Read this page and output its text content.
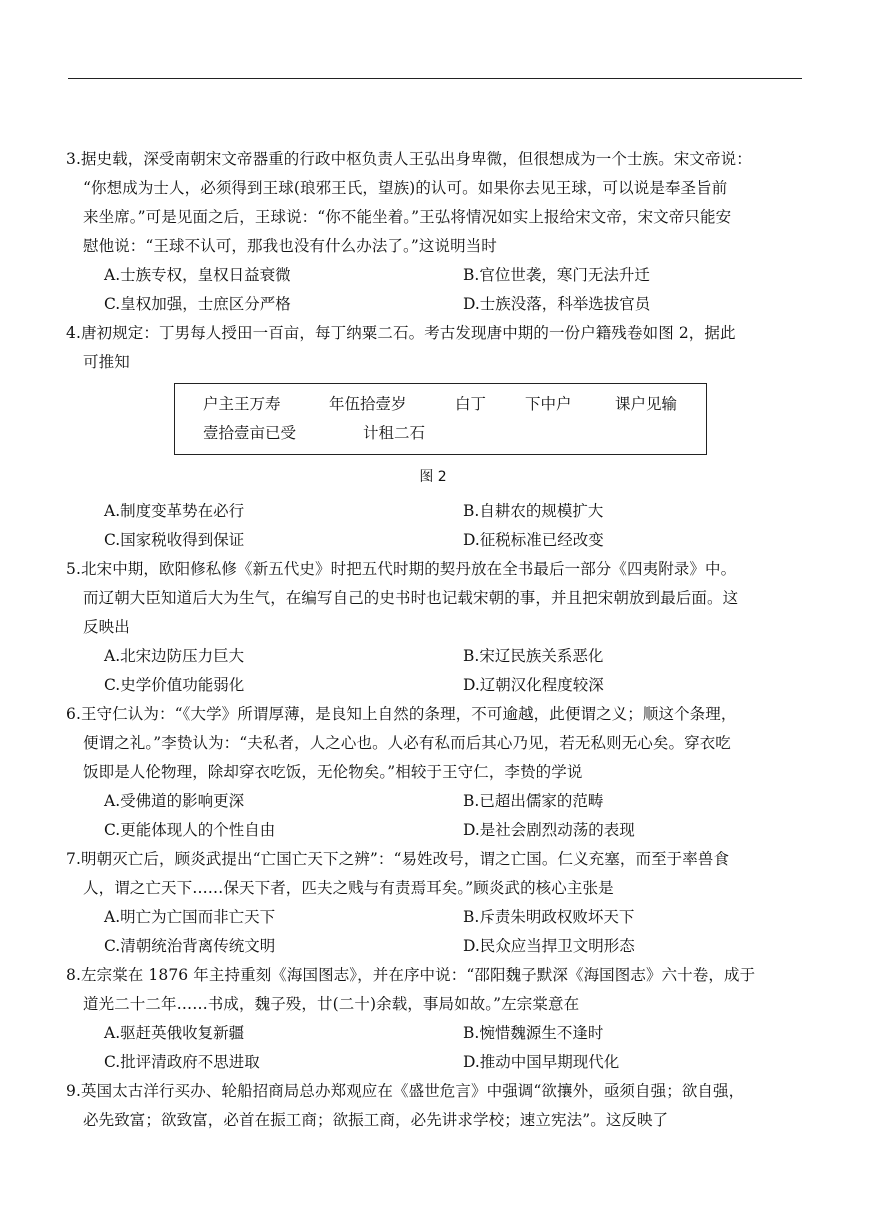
3.据史载，深受南朝宋文帝器重的行政中枢负责人王弘出身卑微，但很想成为一个士族。宋文帝说：
“你想成为士人，必须得到王球(琅邪王氏，望族)的认可。如果你去见王球，可以说是奉圣旨前
来坐席。”可是见面之后，王球说：“你不能坐着。”王弘将情况如实上报给宋文帝，宋文帝只能安
慰他说：“王球不认可，那我也没有什么办法了。”这说明当时
A.士族专权，皇权日益衰微	B.官位世袭，寒门无法升迁
C.皇权加强，士庶区分严格	D.士族没落，科举选拔官员
4.唐初规定：丁男每人授田一百亩，每丁纳粟二石。考古发现唐中期的一份户籍残卷如图 2，据此
可推知
户主王万寿	年伍拾壹岁	白丁	下中户	课户见输
壹拾壹亩已受	计租二石
图 2
A.制度变革势在必行	B.自耕农的规模扩大
C.国家税收得到保证	D.征税标准已经改变
5.北宋中期，欧阳修私修《新五代史》时把五代时期的契丹放在全书最后一部分《四夷附录》中。
而辽朝大臣知道后大为生气，在编写自己的史书时也记载宋朝的事，并且把宋朝放到最后面。这
反映出
A.北宋边防压力巨大	B.宋辽民族关系恶化
C.史学价值功能弱化	D.辽朝汉化程度较深
6.王守仁认为：“《大学》所谓厚薄，是良知上自然的条理，不可逾越，此便谓之义；顺这个条理，
便谓之礼。”李贽认为：“夫私者，人之心也。人必有私而后其心乃见，若无私则无心矣。穿衣吃
饭即是人伦物理，除却穿衣吃饭，无伦物矣。”相较于王守仁，李贽的学说
A.受佛道的影响更深	B.已超出儒家的范畴
C.更能体现人的个性自由	D.是社会剧烈动荡的表现
7.明朝灭亡后，顾炎武提出“亡国亡天下之辨”：“易姓改号，谓之亡国。仁义充塞，而至于率兽食
人，谓之亡天下……保天下者，匹夫之贱与有责焉耳矣。”顾炎武的核心主张是
A.明亡为亡国而非亡天下	B.斥责朱明政权败坏天下
C.清朝统治背离传统文明	D.民众应当捍卫文明形态
8.左宗棠在 1876 年主持重刻《海国图志》，并在序中说：“邵阳魏子默深《海国图志》六十卷，成于
道光二十二年……书成，魏子殁，廿(二十)余载，事局如故。”左宗棠意在
A.驱赶英俄收复新疆	B.惋惜魏源生不逢时
C.批评清政府不思进取	D.推动中国早期现代化
9.英国太古洋行买办、轮船招商局总办郑观应在《盛世危言》中强调“欲攘外，亟须自强；欲自强，
必先致富；欲致富，必首在振工商；欲振工商，必先讲求学校；速立宪法”。这反映了
